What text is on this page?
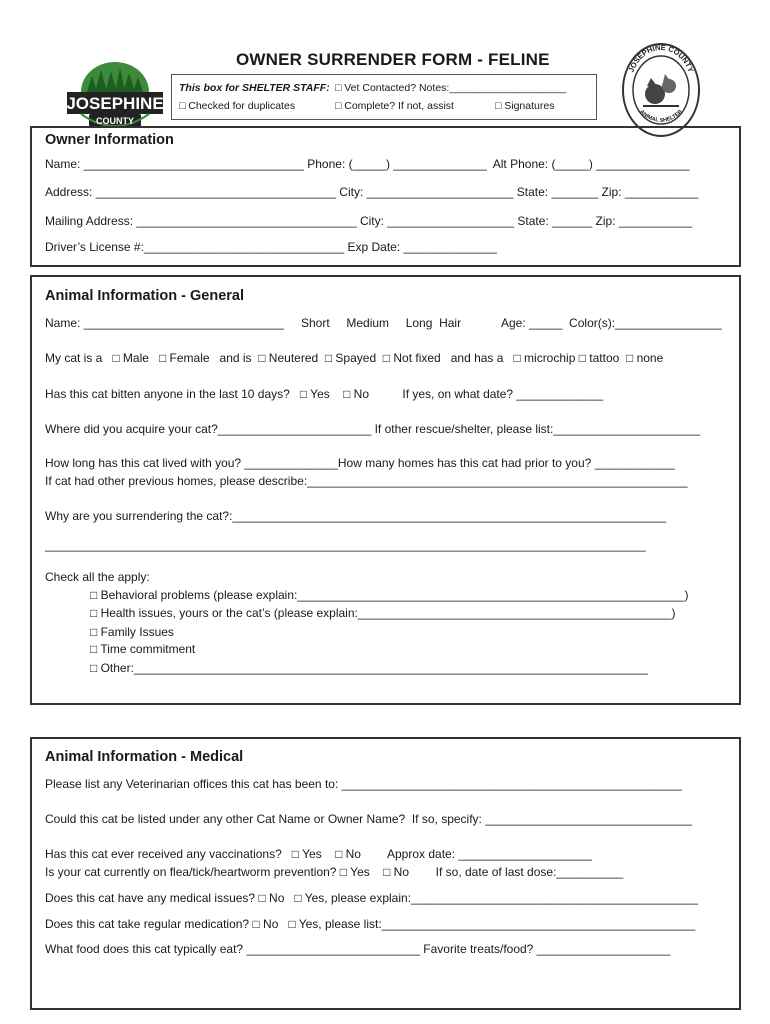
JOSEPHINE
COUNTY

JOSEPHINE COUNTY
ANIMAL SHELTER

OWNER SURRENDER FORM - FELINE
This box for SHELTER STAFF: □ Vet Contacted? Notes:____________________
□ Checked for duplicates	□ Complete? If not, assist	□ Signatures
Owner Information
Name: _________________________________ Phone: (_____) ______________  Alt Phone: (_____) ______________
Address: ____________________________________ City: ______________________ State: _______ Zip: ___________
Mailing Address: _________________________________ City: ___________________ State: ______ Zip: ___________
Driver’s License #:______________________________ Exp Date: ______________
Animal Information - General
Name: ______________________________ Short     Medium     Long  Hair	Age: _____  Color(s):________________
My cat is a   □ Male   □ Female   and is  □ Neutered  □ Spayed  □ Not fixed   and has a   □ microchip □ tattoo  □ none
Has this cat bitten anyone in the last 10 days?   □ Yes    □ No          If yes, on what date? _____________
Where did you acquire your cat?_______________________ If other rescue/shelter, please list:______________________
How long has this cat lived with you? ______________How many homes has this cat had prior to you? ____________
If cat had other previous homes, please describe:_________________________________________________________
Why are you surrendering the cat?:_________________________________________________________________
__________________________________________________________________________________________
Check all the apply:
□ Behavioral problems (please explain:__________________________________________________________)
□ Health issues, yours or the cat’s (please explain:_______________________________________________)
□ Family Issues
□ Time commitment
□ Other:_____________________________________________________________________________
Animal Information - Medical
Please list any Veterinarian offices this cat has been to: ___________________________________________________
Could this cat be listed under any other Cat Name or Owner Name?  If so, specify: _______________________________
Has this cat ever received any vaccinations?   □ Yes    □ No        Approx date: ____________________
Is your cat currently on flea/tick/heartworm prevention? □ Yes    □ No        If so, date of last dose:__________
Does this cat have any medical issues? □ No   □ Yes, please explain:___________________________________________
Does this cat take regular medication? □ No   □ Yes, please list:_______________________________________________
What food does this cat typically eat? __________________________ Favorite treats/food? ____________________
